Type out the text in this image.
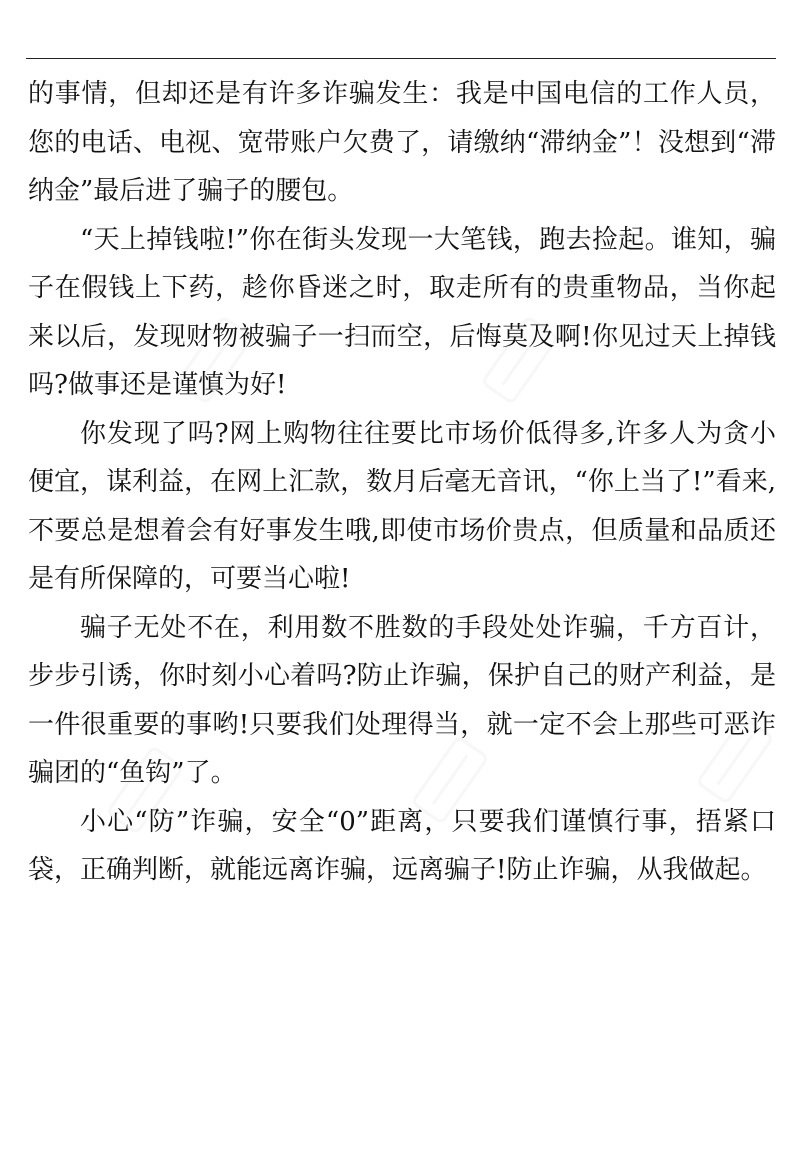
的事情，但却还是有许多诈骗发生：我是中国电信的工作人员，您的电话、电视、宽带账户欠费了，请缴纳“滞纳金”！没想到“滞纳金”最后进了骗子的腰包。

“天上掉钱啦!”你在街头发现一大笔钱，跑去捡起。谁知，骗子在假钱上下药，趁你昏迷之时，取走所有的贵重物品，当你起来以后，发现财物被骗子一扫而空，后悔莫及啊!你见过天上掉钱吗?做事还是谨慎为好!

你发现了吗?网上购物往往要比市场价低得多,许多人为贪小便宜，谋利益，在网上汇款，数月后毫无音讯，“你上当了!”看来,不要总是想着会有好事发生哦,即使市场价贵点，但质量和品质还是有所保障的，可要当心啦!

骗子无处不在，利用数不胜数的手段处处诈骗，千方百计，步步引诱，你时刻小心着吗?防止诈骗，保护自己的财产利益，是一件很重要的事哟!只要我们处理得当，就一定不会上那些可恶诈骗团的“鱼钩”了。

小心“防”诈骗，安全“0”距离，只要我们谨慎行事，捂紧口袋，正确判断，就能远离诈骗，远离骗子!防止诈骗，从我做起。
